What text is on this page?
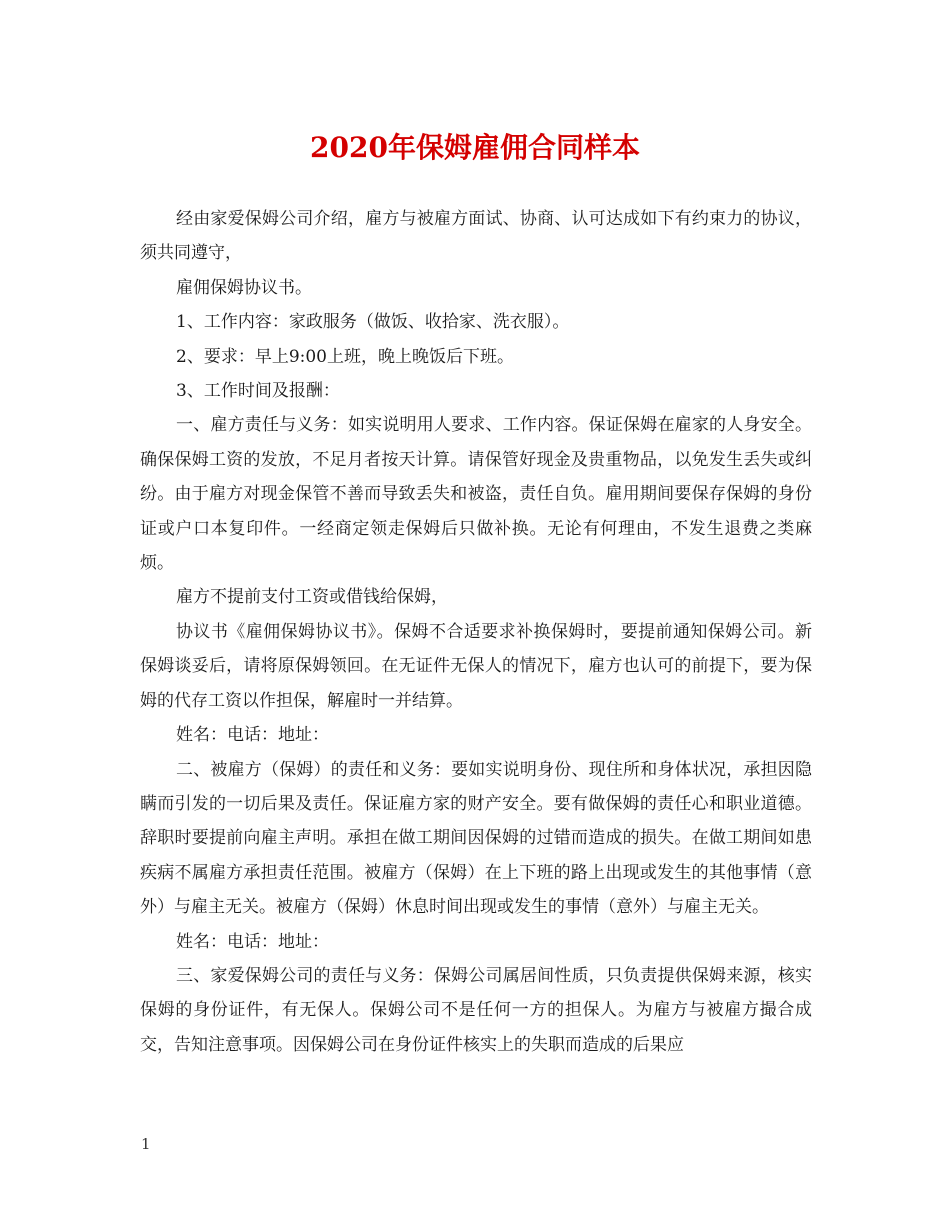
2020年保姆雇佣合同样本

经由家爱保姆公司介绍，雇方与被雇方面试、协商、认可达成如下有约束力的协议，须共同遵守，

雇佣保姆协议书。

1、工作内容：家政服务（做饭、收拾家、洗衣服）。

2、要求：早上9:00上班，晚上晚饭后下班。

3、工作时间及报酬：

一、雇方责任与义务：如实说明用人要求、工作内容。保证保姆在雇家的人身安全。确保保姆工资的发放，不足月者按天计算。请保管好现金及贵重物品，以免发生丢失或纠纷。由于雇方对现金保管不善而导致丢失和被盗，责任自负。雇用期间要保存保姆的身份证或户口本复印件。一经商定领走保姆后只做补换。无论有何理由，不发生退费之类麻烦。

雇方不提前支付工资或借钱给保姆，

协议书《雇佣保姆协议书》。保姆不合适要求补换保姆时，要提前通知保姆公司。新保姆谈妥后，请将原保姆领回。在无证件无保人的情况下，雇方也认可的前提下，要为保姆的代存工资以作担保，解雇时一并结算。

姓名：电话：地址：

二、被雇方（保姆）的责任和义务：要如实说明身份、现住所和身体状况，承担因隐瞒而引发的一切后果及责任。保证雇方家的财产安全。要有做保姆的责任心和职业道德。辞职时要提前向雇主声明。承担在做工期间因保姆的过错而造成的损失。在做工期间如患疾病不属雇方承担责任范围。被雇方（保姆）在上下班的路上出现或发生的其他事情（意外）与雇主无关。被雇方（保姆）休息时间出现或发生的事情（意外）与雇主无关。

姓名：电话：地址：

三、家爱保姆公司的责任与义务：保姆公司属居间性质，只负责提供保姆来源，核实保姆的身份证件，有无保人。保姆公司不是任何一方的担保人。为雇方与被雇方撮合成交，告知注意事项。因保姆公司在身份证件核实上的失职而造成的后果应

1
